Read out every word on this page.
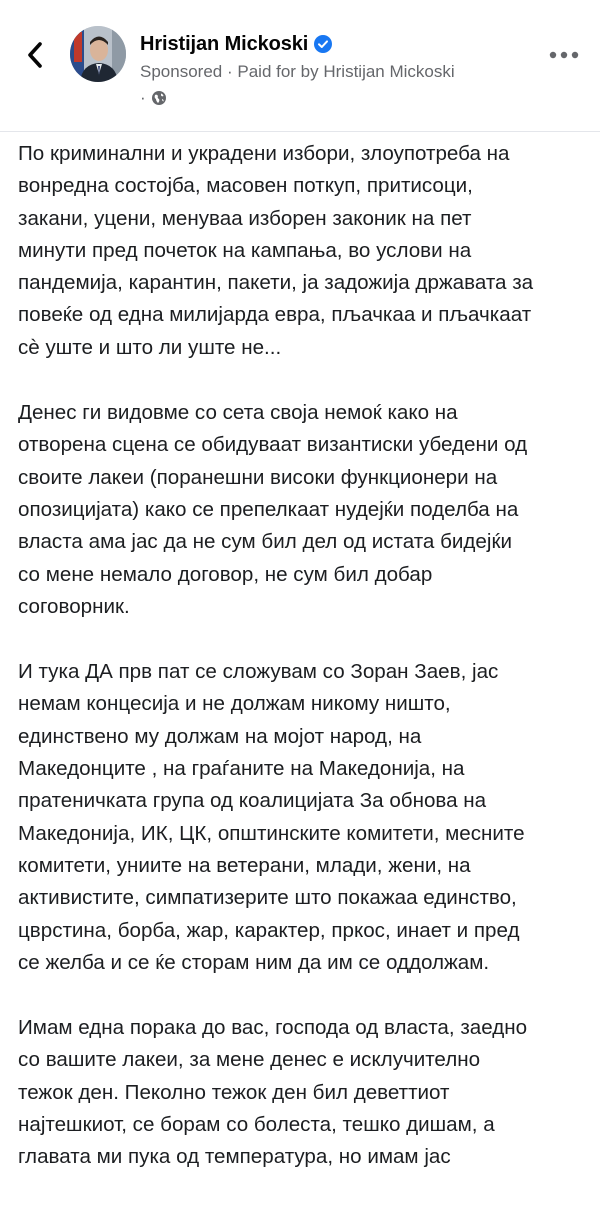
Hristijan Mickoski
Sponsored · Paid for by Hristijan Mickoski
·

По криминални и украдени избори, злоупотреба на
вонредна состојба, масовен поткуп, притисоци,
закани, уцени, менуваа изборен законик на пет
минути пред почеток на кампања, во услови на
пандемија, карантин, пакети, ја задожија државата за
повеќе од една милијарда евра, пљачкаа и пљачкаат
сѐ уште и што ли уште не...

Денес ги видовме со сета своја немоќ како на
отворена сцена се обидуваат византиски убедени од
своите лакеи (поранешни високи функционери на
опозицијата) како се препелкаат нудејќи поделба на
власта ама јас да не сум бил дел од истата бидејќи
со мене немало договор, не сум бил добар
соговорник.

И тука ДА прв пат се сложувам со Зоран Заев, јас
немам концесија и не должам никому ништо,
единствено му должам на мојот народ, на
Македонците , на граѓаните на Македонија, на
пратеничката група од коалицијата За обнова на
Македонија, ИК, ЦК, општинските комитети, месните
комитети, униите на ветерани, млади, жени, на
активистите, симпатизерите што покажаа единство,
цврстина, борба, жар, карактер, пркос, инает и пред
се желба и се ќе сторам ним да им се оддолжам.

Имам една порака до вас, господа од власта, заедно
со вашите лакеи, за мене денес е исклучително
тежок ден. Пеколно тежок ден бил деветтиот
најтешкиот, се борам со болеста, тешко дишам, а
главата ми пука од температура, но имам јас
